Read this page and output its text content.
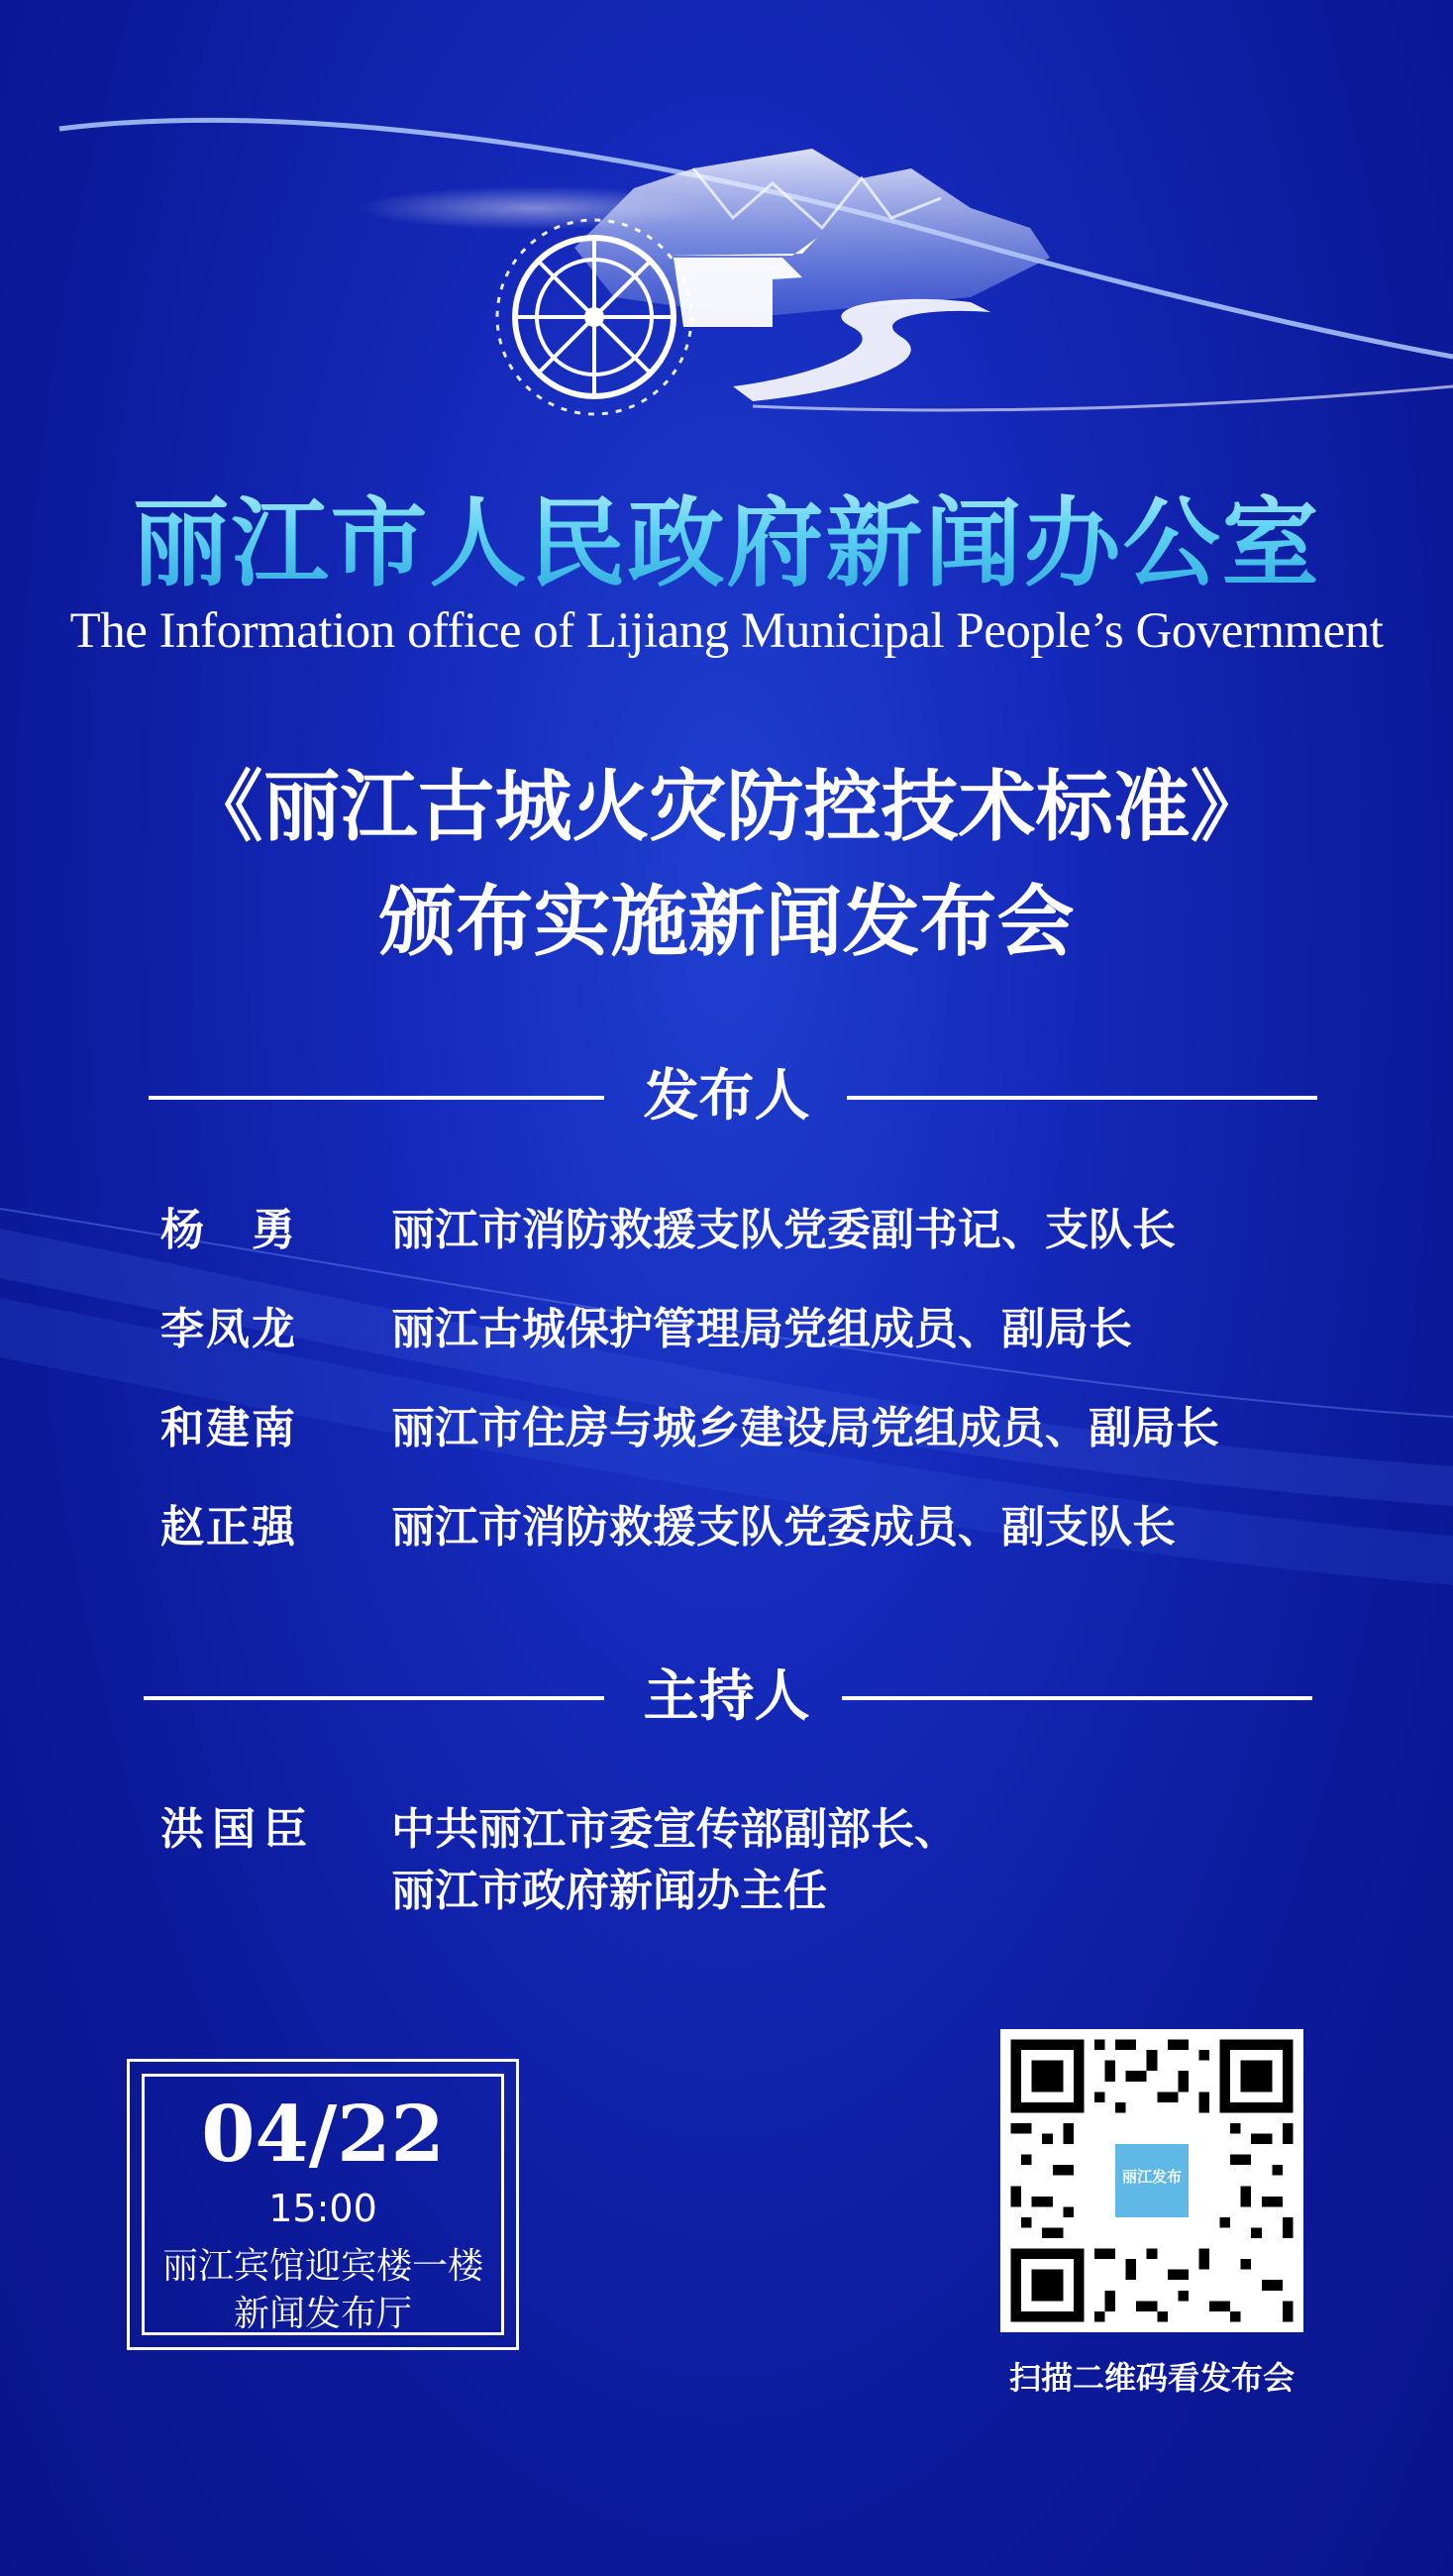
丽江市人民政府新闻办公室
The Information office of Lijiang Municipal People’s Government
《丽江古城火灾防控技术标准》
颁布实施新闻发布会
发布人
杨　勇 丽江市消防救援支队党委副书记、支队长
李凤龙 丽江古城保护管理局党组成员、副局长
和建南 丽江市住房与城乡建设局党组成员、副局长
赵正强 丽江市消防救援支队党委成员、副支队长
主持人
洪国臣 中共丽江市委宣传部副部长、
丽江市政府新闻办主任
04/22
15:00
丽江宾馆迎宾楼一楼
新闻发布厅
丽江发布
扫描二维码看发布会
